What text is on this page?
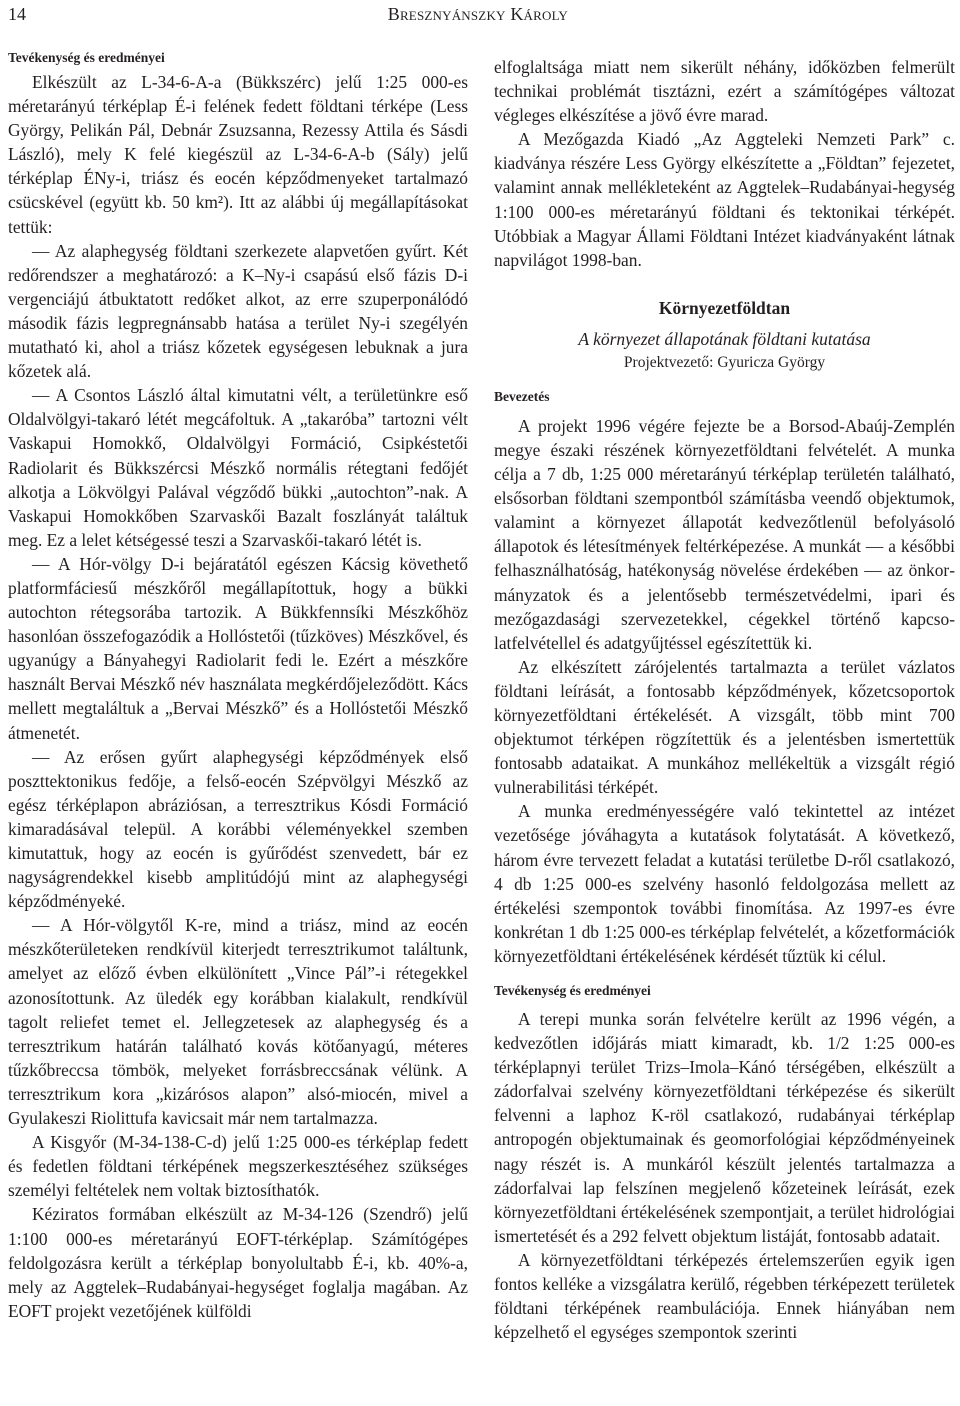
14	Bresznyánszky Károly
Tevékenység és eredményei

Elkészült az L-34-6-A-a (Bükkszérc) jelű 1:25 000-es méretarányú térképlap É-i felének fedett földtani térképe (Less György, Pelikán Pál, Debnár Zsuzsanna, Rezessy Attila és Sásdi László), mely K felé kiegészül az L-34-6-A-b (Sály) jelű térképlap ÉNy-i, triász és eocén képződmenyeket tartalmazó csücskével (együtt kb. 50 km²). Itt az alábbi új megállapításokat tettük:

— Az alaphegység földtani szerkezete alapvetően gyűrt. Két redőrendszer a meghatározó: a K–Ny-i csapású első fázis D-i vergenciájú átbuktatott redőket alkot, az erre szuperponálódó második fázis legpregnánsabb hatása a terület Ny-i szegélyén mutatható ki, ahol a triász kőzetek egységesen lebuknak a jura kőzetek alá.

— A Csontos László által kimutatni vélt, a területünkre eső Oldalvölgyi-takaró létét megcáfoltuk. A „takaróba” tartozni vélt Vaskapui Homokkő, Oldalvölgyi Formáció, Csipkéstetői Radiolarit és Bükkszércsi Mészkő normális rétegtani fedőjét alkotja a Lökvölgyi Palával végződő bükki „autochton”-nak. A Vaskapui Homokkőben Szarvaskői Bazalt foszlányát találtuk meg. Ez a lelet kétségessé teszi a Szarvaskői-takaró létét is.

— A Hór-völgy D-i bejáratától egészen Kácsig követhető platformfáciesű mészkőről megállapítottuk, hogy a bükki autochton rétegsorába tartozik. A Bükkfennsíki Mészkőhöz hasonlóan összefogazódik a Hollóstetői (tűzköves) Mészkővel, és ugyanúgy a Bányahegyi Radiolarit fedi le. Ezért a mészkőre használt Bervai Mészkő név használata megkérdőjeleződött. Kács mellett megtaláltuk a „Bervai Mészkő” és a Hollóstetői Mészkő átmenetét.

— Az erősen gyűrt alaphegységi képződmények első poszttektonikus fedője, a felső-eocén Szépvölgyi Mészkő az egész térképlapon abráziósan, a terresztrikus Kósdi Formáció kimaradásával települ. A korábbi véleményekkel szemben kimutattuk, hogy az eocén is gyűrődést szenvedett, bár ez nagyságrendekkel kisebb amplitúdójú mint az alaphegységi képződményeké.

— A Hór-völgytől K-re, mind a triász, mind az eocén mészkőterületeken rendkívül kiterjedt terresztrikumot találtunk, amelyet az előző évben elkülönített „Vince Pál”-i rétegekkel azonosítottunk. Az üledék egy korábban kialakult, rendkívül tagolt reliefet temet el. Jellegzetesek az alaphegység és a terresztrikum határán található kovás kötőanyagú, méteres tűzkőbreccsa tömbök, melyeket forrásbreccsának vélünk. A terresztrikum kora „kizárósos alapon” alsó-miocén, mivel a Gyulakeszi Riolittufa kavicsait már nem tartalmazza.

A Kisgyőr (M-34-138-C-d) jelű 1:25 000-es térképlap fedett és fedetlen földtani térképének megszerkesztéséhez szükséges személyi feltételek nem voltak biztosíthatók.

Kéziratos formában elkészült az M-34-126 (Szendrő) jelű 1:100 000-es méretarányú EOFT-térképlap. Számítógépes feldolgozásra került a térképlap bonyolultabb É-i, kb. 40%-a, mely az Aggtelek–Rudabányai-hegységet foglalja magában. Az EOFT projekt vezetőjének külföldi

elfoglaltsága miatt nem sikerült néhány, időközben felmerült technikai problémát tisztázni, ezért a számítógépes változat végleges elkészítése a jövő évre marad.

A Mezőgazda Kiadó „Az Aggteleki Nemzeti Park” c. kiadványa részére Less György elkészítette a „Földtan” fejezetet, valamint annak mellékleteként az Aggtelek–Rudabányai-hegység 1:100 000-es méretarányú földtani és tektonikai térképét. Utóbbiak a Magyar Állami Földtani Intézet kiadványaként látnak napvilágot 1998-ban.

Környezetföldtan
A környezet állapotának földtani kutatása
Projektvezető: Gyuricza György
Bevezetés

A projekt 1996 végére fejezte be a Borsod-Abaúj-Zemplén megye északi részének környezetföldtani felvételét. A munka célja a 7 db, 1:25 000 méretarányú térképlap területén található, elsősorban földtani szempontból számításba veendő objektumok, valamint a környezet állapotát kedvezőtlenül befolyásoló állapotok és létesítmények feltérképezése. A munkát — a későbbi felhasználhatóság, hatékonyság növelése érdekében — az önkormányzatok és a jelentősebb természetvédelmi, ipari és mezőgazdasági szervezetekkel, cégekkel történő kapcsolatfelvétellel és adatgyűjtéssel egészítettük ki.

Az elkészített zárójelentés tartalmazta a terület vázlatos földtani leírását, a fontosabb képződmények, kőzetcsoportok környezetföldtani értékelését. A vizsgált, több mint 700 objektumot térképen rögzítettük és a jelentésben ismertettük fontosabb adataikat. A munkához mellékeltük a vizsgált régió vulnerabilitási térképét.

A munka eredményességére való tekintettel az intézet vezetősége jóváhagyta a kutatások folytatását. A következő, három évre tervezett feladat a kutatási területbe D-ről csatlakozó, 4 db 1:25 000-es szelvény hasonló feldolgozása mellett az értékelési szempontok további finomítása. Az 1997-es évre konkrétan 1 db 1:25 000-es térképlap felvételét, a kőzetformációk környezetföldtani értékelésének kérdését tűztük ki célul.

Tevékenység és eredményei

A terepi munka során felvételre került az 1996 végén, a kedvezőtlen időjárás miatt kimaradt, kb. 1/2 1:25 000-es térképlapnyi terület Trizs–Imola–Kánó térségében, elkészült a zádorfalvai szelvény környezetföldtani térképezése és sikerült felvenni a laphoz K-röl csatlakozó, rudabányai térképlap antropogén objektumainak és geomorfológiai képződményeinek nagy részét is. A munkáról készült jelentés tartalmazza a zádorfalvai lap felszínen megjelenő kőzeteinek leírását, ezek környezetföldtani értékelésének szempontjait, a terület hidrológiai ismertetését és a 292 felvett objektum listáját, fontosabb adatait.

A környezetföldtani térképezés értelemszerűen egyik igen fontos kelléke a vizsgálatra kerülő, régebben térképezett területek földtani térképének reambulációja. Ennek hiányában nem képzelhető el egységes szempontok szerinti
